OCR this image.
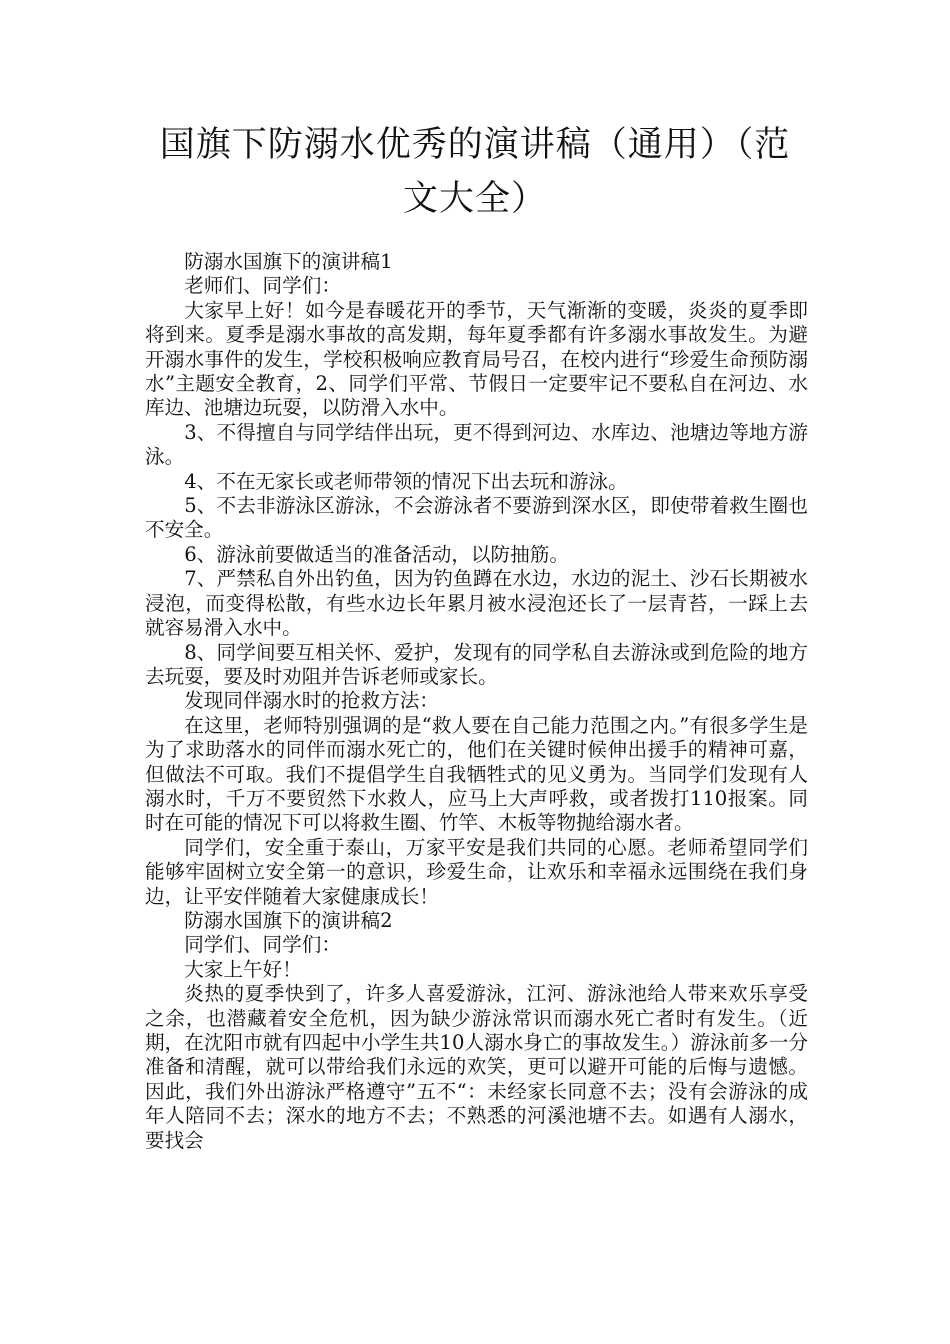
国旗下防溺水优秀的演讲稿（通用）（范文大全）

防溺水国旗下的演讲稿1

老师们、同学们：

大家早上好！如今是春暖花开的季节，天气渐渐的变暖，炎炎的夏季即将到来。夏季是溺水事故的高发期，每年夏季都有许多溺水事故发生。为避开溺水事件的发生，学校积极响应教育局号召，在校内进行“珍爱生命预防溺水”主题安全教育，2、同学们平常、节假日一定要牢记不要私自在河边、水库边、池塘边玩耍，以防滑入水中。

3、不得擅自与同学结伴出玩，更不得到河边、水库边、池塘边等地方游泳。

4、不在无家长或老师带领的情况下出去玩和游泳。

5、不去非游泳区游泳，不会游泳者不要游到深水区，即使带着救生圈也不安全。

6、游泳前要做适当的准备活动，以防抽筋。

7、严禁私自外出钓鱼，因为钓鱼蹲在水边，水边的泥土、沙石长期被水浸泡，而变得松散，有些水边长年累月被水浸泡还长了一层青苔，一踩上去就容易滑入水中。

8、同学间要互相关怀、爱护，发现有的同学私自去游泳或到危险的地方去玩耍，要及时劝阻并告诉老师或家长。

发现同伴溺水时的抢救方法：

在这里，老师特别强调的是“救人要在自己能力范围之内。”有很多学生是为了求助落水的同伴而溺水死亡的，他们在关键时候伸出援手的精神可嘉，但做法不可取。我们不提倡学生自我牺牲式的见义勇为。当同学们发现有人溺水时，千万不要贸然下水救人，应马上大声呼救，或者拨打110报案。同时在可能的情况下可以将救生圈、竹竿、木板等物抛给溺水者。

同学们，安全重于泰山，万家平安是我们共同的心愿。老师希望同学们能够牢固树立安全第一的意识，珍爱生命，让欢乐和幸福永远围绕在我们身边，让平安伴随着大家健康成长！

防溺水国旗下的演讲稿2

同学们、同学们：

大家上午好！

炎热的夏季快到了，许多人喜爱游泳，江河、游泳池给人带来欢乐享受之余，也潜藏着安全危机，因为缺少游泳常识而溺水死亡者时有发生。（近期，在沈阳市就有四起中小学生共10人溺水身亡的事故发生。）游泳前多一分准备和清醒，就可以带给我们永远的欢笑，更可以避开可能的后悔与遗憾。因此，我们外出游泳严格遵守”五不“：未经家长同意不去；没有会游泳的成年人陪同不去；深水的地方不去；不熟悉的河溪池塘不去。如遇有人溺水，要找会
